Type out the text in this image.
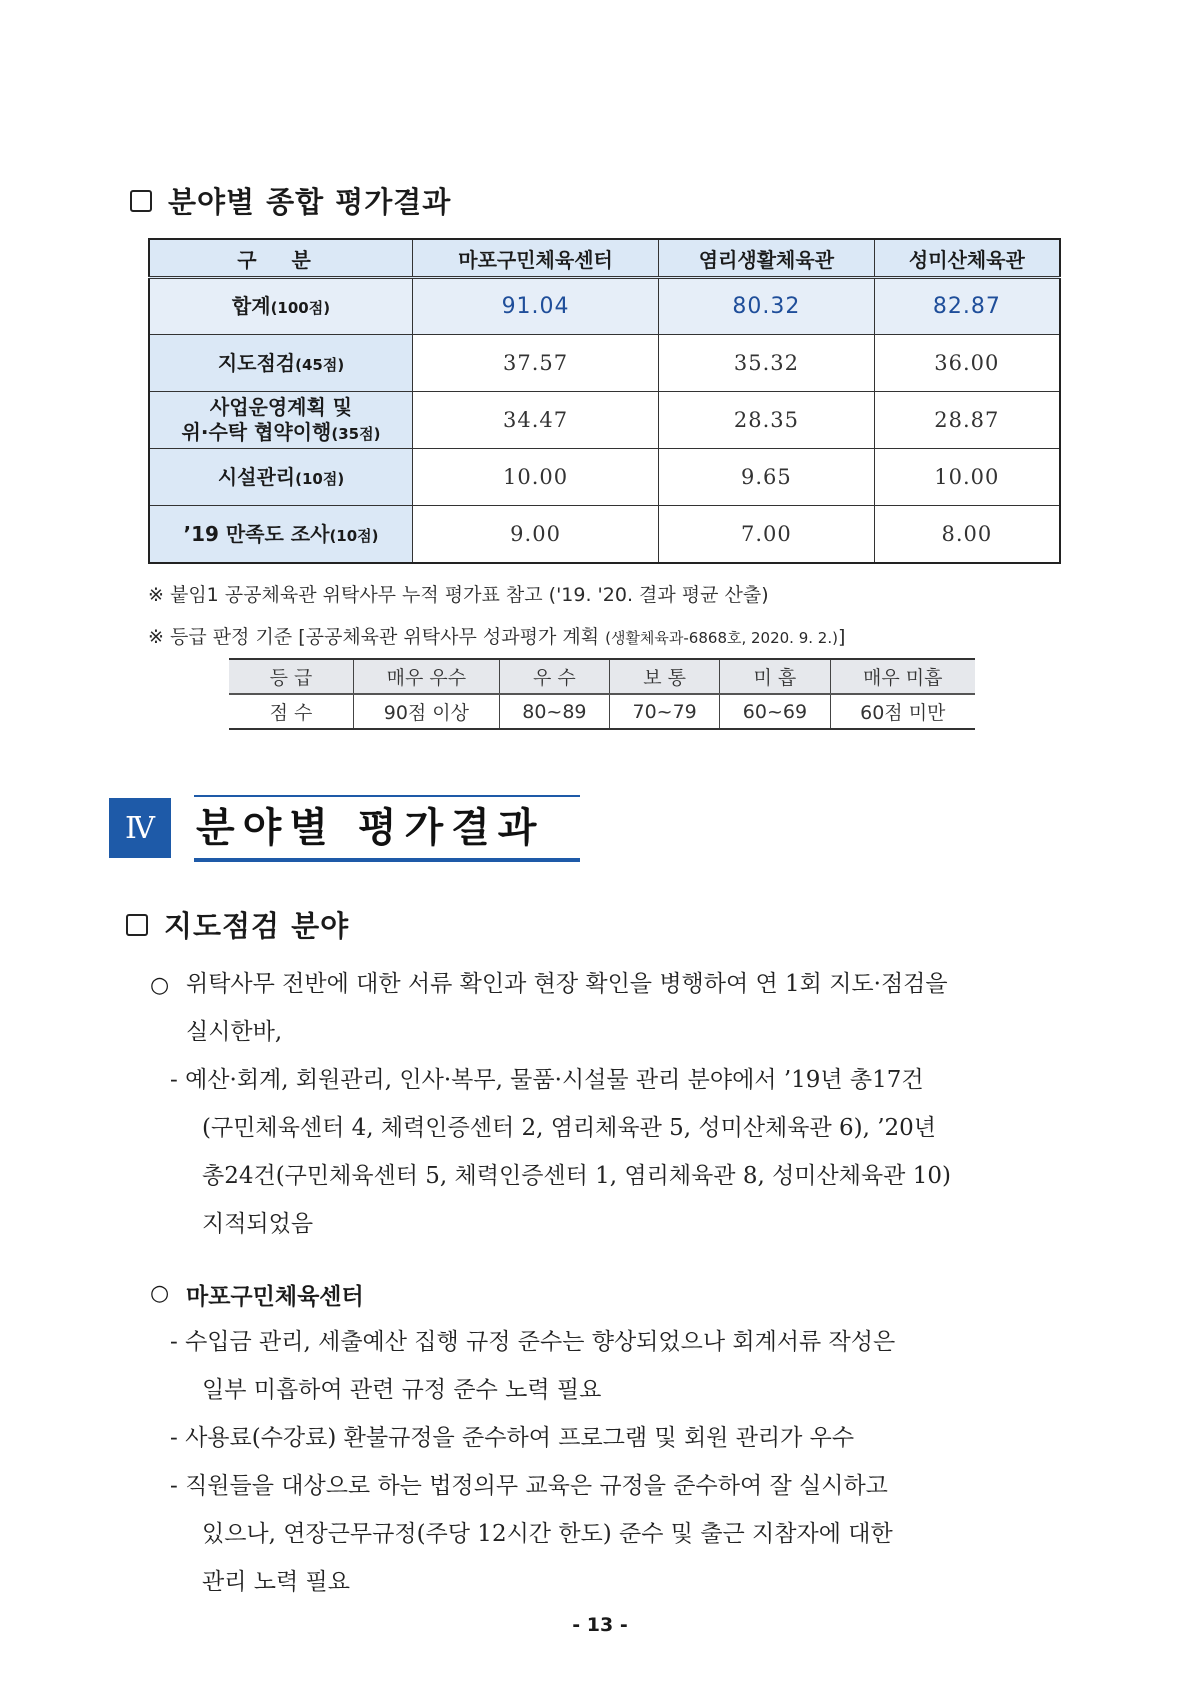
분야별 종합 평가결과
구 분	마포구민체육센터	염리생활체육관	성미산체육관
합계(100점)	91.04	80.32	82.87
지도점검(45점)	37.57	35.32	36.00
사업운영계획 및
위·수탁 협약이행(35점)	34.47	28.35	28.87
시설관리(10점)	10.00	9.65	10.00
’19 만족도 조사(10점)	9.00	7.00	8.00
※ 붙임1 공공체육관 위탁사무 누적 평가표 참고 ('19. '20. 결과 평균 산출)
※ 등급 판정 기준 [공공체육관 위탁사무 성과평가 계획 (생활체육과-6868호, 2020. 9. 2.)]
등 급	매우 우수	우 수	보 통	미 흡	매우 미흡
점 수	90점 이상	80~89	70~79	60~69	60점 미만
Ⅳ	분야별 평가결과
지도점검 분야
○ 위탁사무 전반에 대한 서류 확인과 현장 확인을 병행하여 연 1회 지도·점검을
실시한바,
- 예산·회계, 회원관리, 인사·복무, 물품·시설물 관리 분야에서 ’19년 총17건
(구민체육센터 4, 체력인증센터 2, 염리체육관 5, 성미산체육관 6), ’20년
총24건(구민체육센터 5, 체력인증센터 1, 염리체육관 8, 성미산체육관 10)
지적되었음
○ 마포구민체육센터
- 수입금 관리, 세출예산 집행 규정 준수는 향상되었으나 회계서류 작성은
일부 미흡하여 관련 규정 준수 노력 필요
- 사용료(수강료) 환불규정을 준수하여 프로그램 및 회원 관리가 우수
- 직원들을 대상으로 하는 법정의무 교육은 규정을 준수하여 잘 실시하고
있으나, 연장근무규정(주당 12시간 한도) 준수 및 출근 지참자에 대한
관리 노력 필요
- 13 -
